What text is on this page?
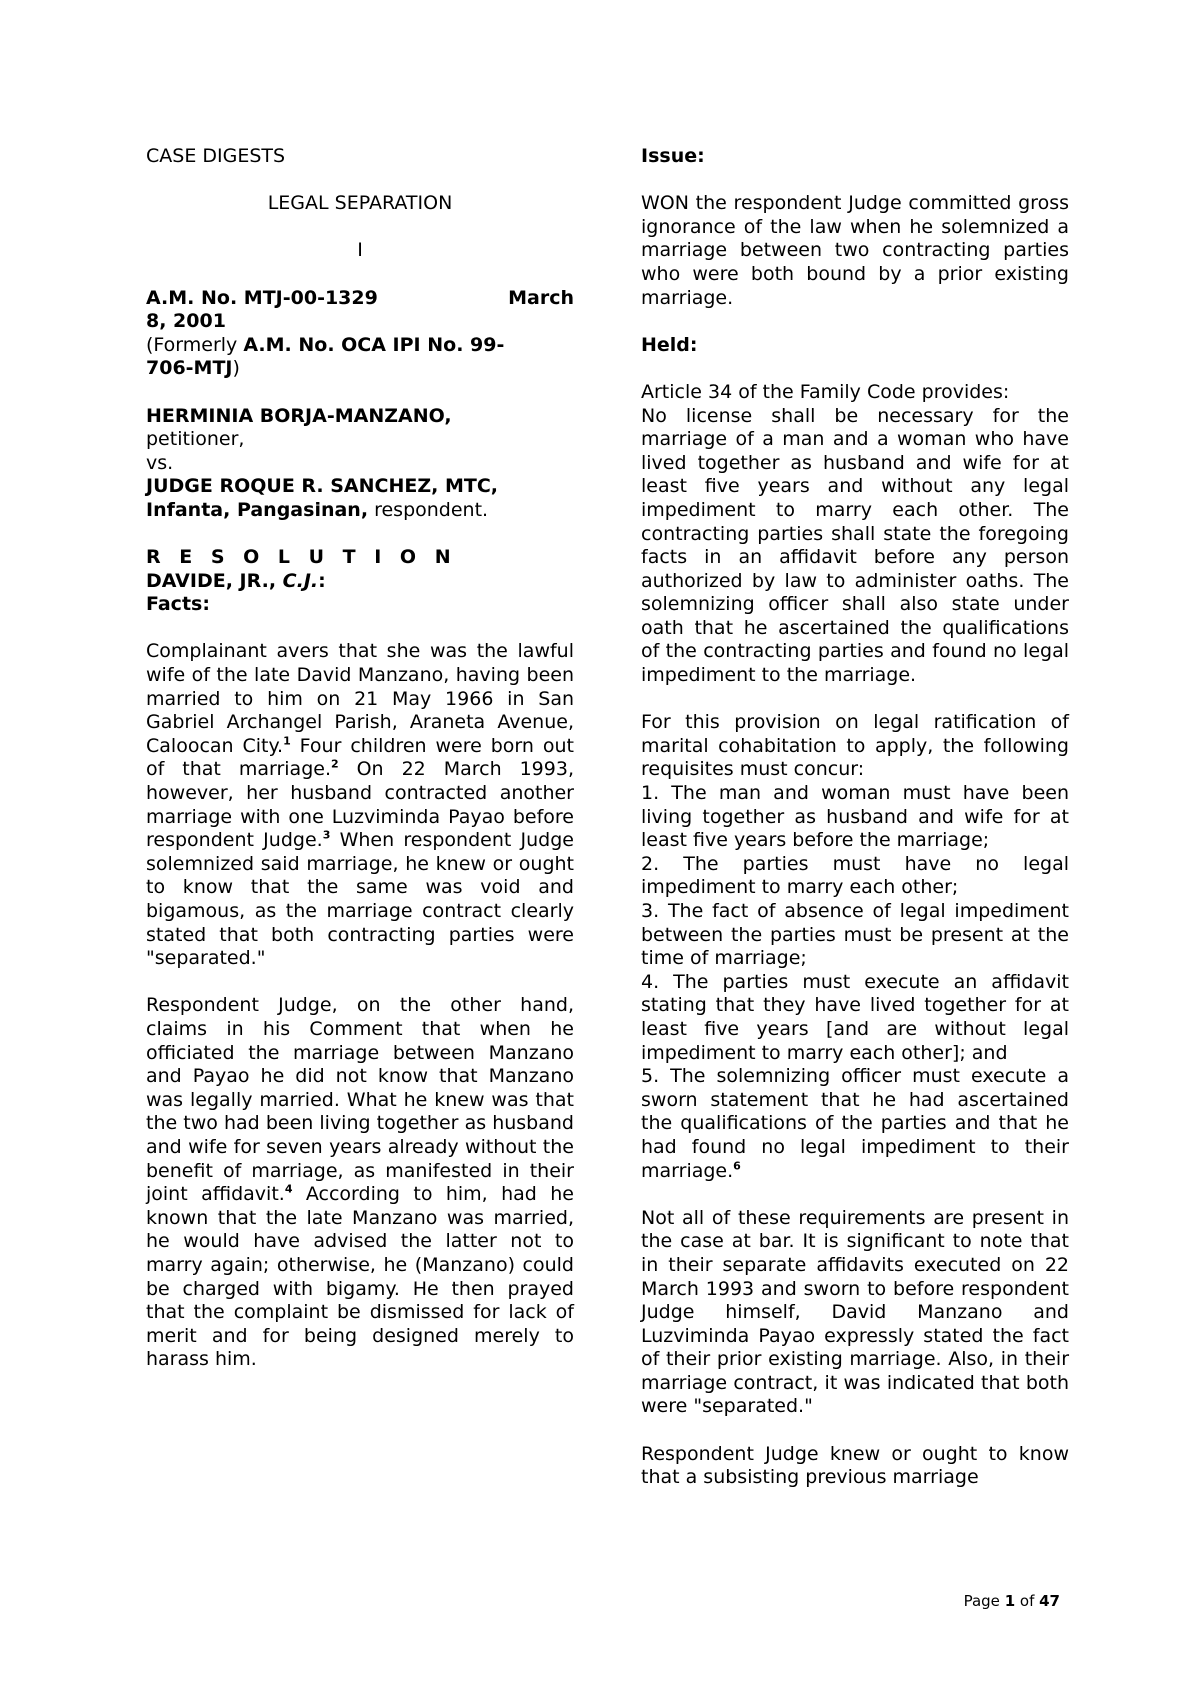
CASE DIGESTS

LEGAL SEPARATION

I

A.M. No. MTJ-00-1329	March

8, 2001

(Formerly A.M. No. OCA IPI No. 99-

706-MTJ)

HERMINIA BORJA-MANZANO,

petitioner,

vs.

JUDGE ROQUE R. SANCHEZ, MTC,

Infanta, Pangasinan, respondent.

R E S O L U T I O N

DAVIDE, JR., C.J.:

Facts:

Complainant avers that she was the lawful wife of the late David Manzano, having been married to him on 21 May 1966 in San Gabriel Archangel Parish, Araneta Avenue, Caloocan City.$^1$ Four children were born out of that marriage.$^2$ On 22 March 1993, however, her husband contracted another marriage with one Luzviminda Payao before respondent Judge.$^3$ When respondent Judge solemnized said marriage, he knew or ought to know that the same was void and bigamous, as the marriage contract clearly stated that both contracting parties were "separated."

Respondent Judge, on the other hand, claims in his Comment that when he officiated the marriage between Manzano and Payao he did not know that Manzano was legally married. What he knew was that the two had been living together as husband and wife for seven years already without the benefit of marriage, as manifested in their joint affidavit.$^4$ According to him, had he known that the late Manzano was married, he would have advised the latter not to marry again; otherwise, he (Manzano) could be charged with bigamy. He then prayed that the complaint be dismissed for lack of merit and for being designed merely to harass him.

Issue:

WON the respondent Judge committed gross ignorance of the law when he solemnized a marriage between two contracting parties who were both bound by a prior existing marriage.

Held:

Article 34 of the Family Code provides:

No license shall be necessary for the marriage of a man and a woman who have lived together as husband and wife for at least five years and without any legal impediment to marry each other. The contracting parties shall state the foregoing facts in an affidavit before any person authorized by law to administer oaths. The solemnizing officer shall also state under oath that he ascertained the qualifications of the contracting parties and found no legal impediment to the marriage.

For this provision on legal ratification of marital cohabitation to apply, the following requisites must concur:

1. The man and woman must have been living together as husband and wife for at least five years before the marriage;

2. The parties must have no legal impediment to marry each other;

3. The fact of absence of legal impediment between the parties must be present at the time of marriage;

4. The parties must execute an affidavit stating that they have lived together for at least five years [and are without legal impediment to marry each other]; and

5. The solemnizing officer must execute a sworn statement that he had ascertained the qualifications of the parties and that he had found no legal impediment to their marriage.$^6$

Not all of these requirements are present in the case at bar. It is significant to note that in their separate affidavits executed on 22 March 1993 and sworn to before respondent Judge himself, David Manzano and Luzviminda Payao expressly stated the fact of their prior existing marriage. Also, in their marriage contract, it was indicated that both were "separated."

Respondent Judge knew or ought to know that a subsisting previous marriage

Page 1 of 47
